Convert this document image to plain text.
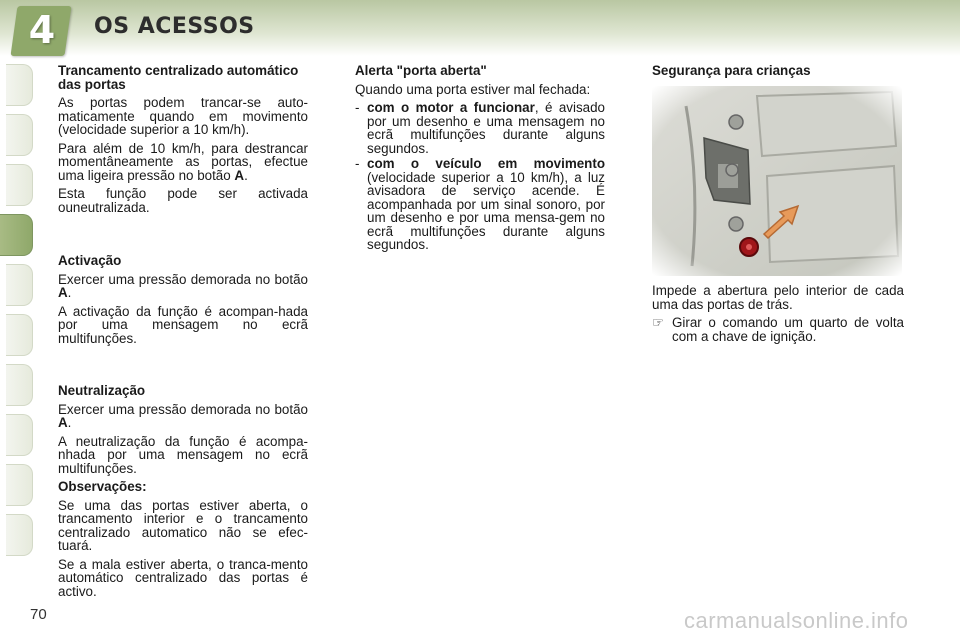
4	OS ACESSOS
Trancamento centralizado automático das portas

As portas podem trancar-se auto-maticamente quando em movimento (velocidade superior a 10 km/h).

Para além de 10 km/h, para destrancar momentâneamente as portas, efectue uma ligeira pressão no botão A.

Esta função pode ser activada ouneutralizada.

Activação

Exercer uma pressão demorada no botão A.

A activação da função é acompan-hada por uma mensagem no ecrã multifunções.

Neutralização

Exercer uma pressão demorada no botão A.

A neutralização da função é acompa-nhada por uma mensagem no ecrã multifunções.

Observações:

Se uma das portas estiver aberta, o trancamento interior e o trancamento centralizado automatico não se efec-tuará.

Se a mala estiver aberta, o tranca-mento automático centralizado das portas é activo.

Alerta "porta aberta"

Quando uma porta estiver mal fechada:

- com o motor a funcionar, é avisado por um desenho e uma mensagem no ecrã multifunções durante alguns segundos.
- com o veículo em movimento (velocidade superior a 10 km/h), a luz avisadora de serviço acende. É acompanhada por um sinal sonoro, por um desenho e por uma mensa-gem no ecrã multifunções durante alguns segundos.
Segurança para crianças

Impede a abertura pelo interior de cada uma das portas de trás.

☞ Girar o comando um quarto de volta com a chave de ignição.
70	carmanualsonline.info
